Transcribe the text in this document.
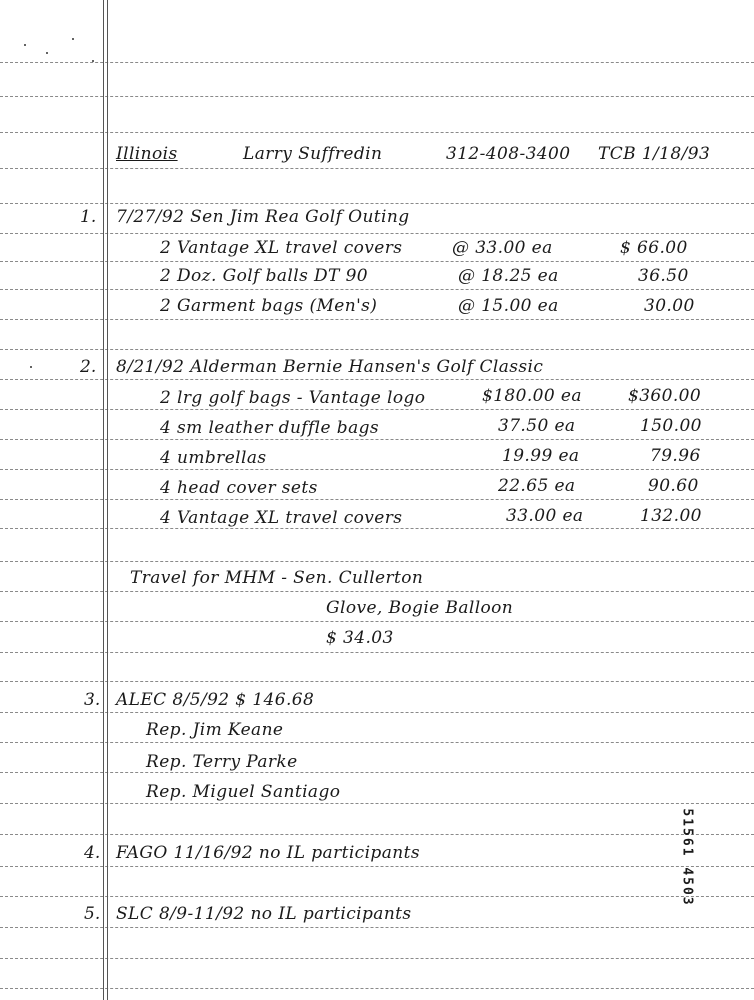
Illinois	Larry Suffredin	312-408-3400 TCB 1/18/93
1. 7/27/92 Sen Jim Rea Golf Outing
2 Vantage XL travel covers	@ 33.00 ea	$ 66.00
2 Doz. Golf balls DT 90	@ 18.25 ea	36.50
2 Garment bags (Men's)	@ 15.00 ea	30.00
2. 8/21/92 Alderman Bernie Hansen's Golf Classic
2 lrg golf bags - Vantage logo	$180.00 ea	$360.00
4 sm leather duffle bags	37.50 ea	150.00
4 umbrellas	19.99 ea	79.96
4 head cover sets	22.65 ea	90.60
4 Vantage XL travel covers	33.00 ea	132.00
Travel for MHM - Sen. Cullerton
Glove, Bogie Balloon
$ 34.03
3. ALEC 8/5/92 $ 146.68
Rep. Jim Keane
Rep. Terry Parke
Rep. Miguel Santiago
4. FAGO 11/16/92 no IL participants
5. SLC 8/9-11/92 no IL participants
51561 4503
